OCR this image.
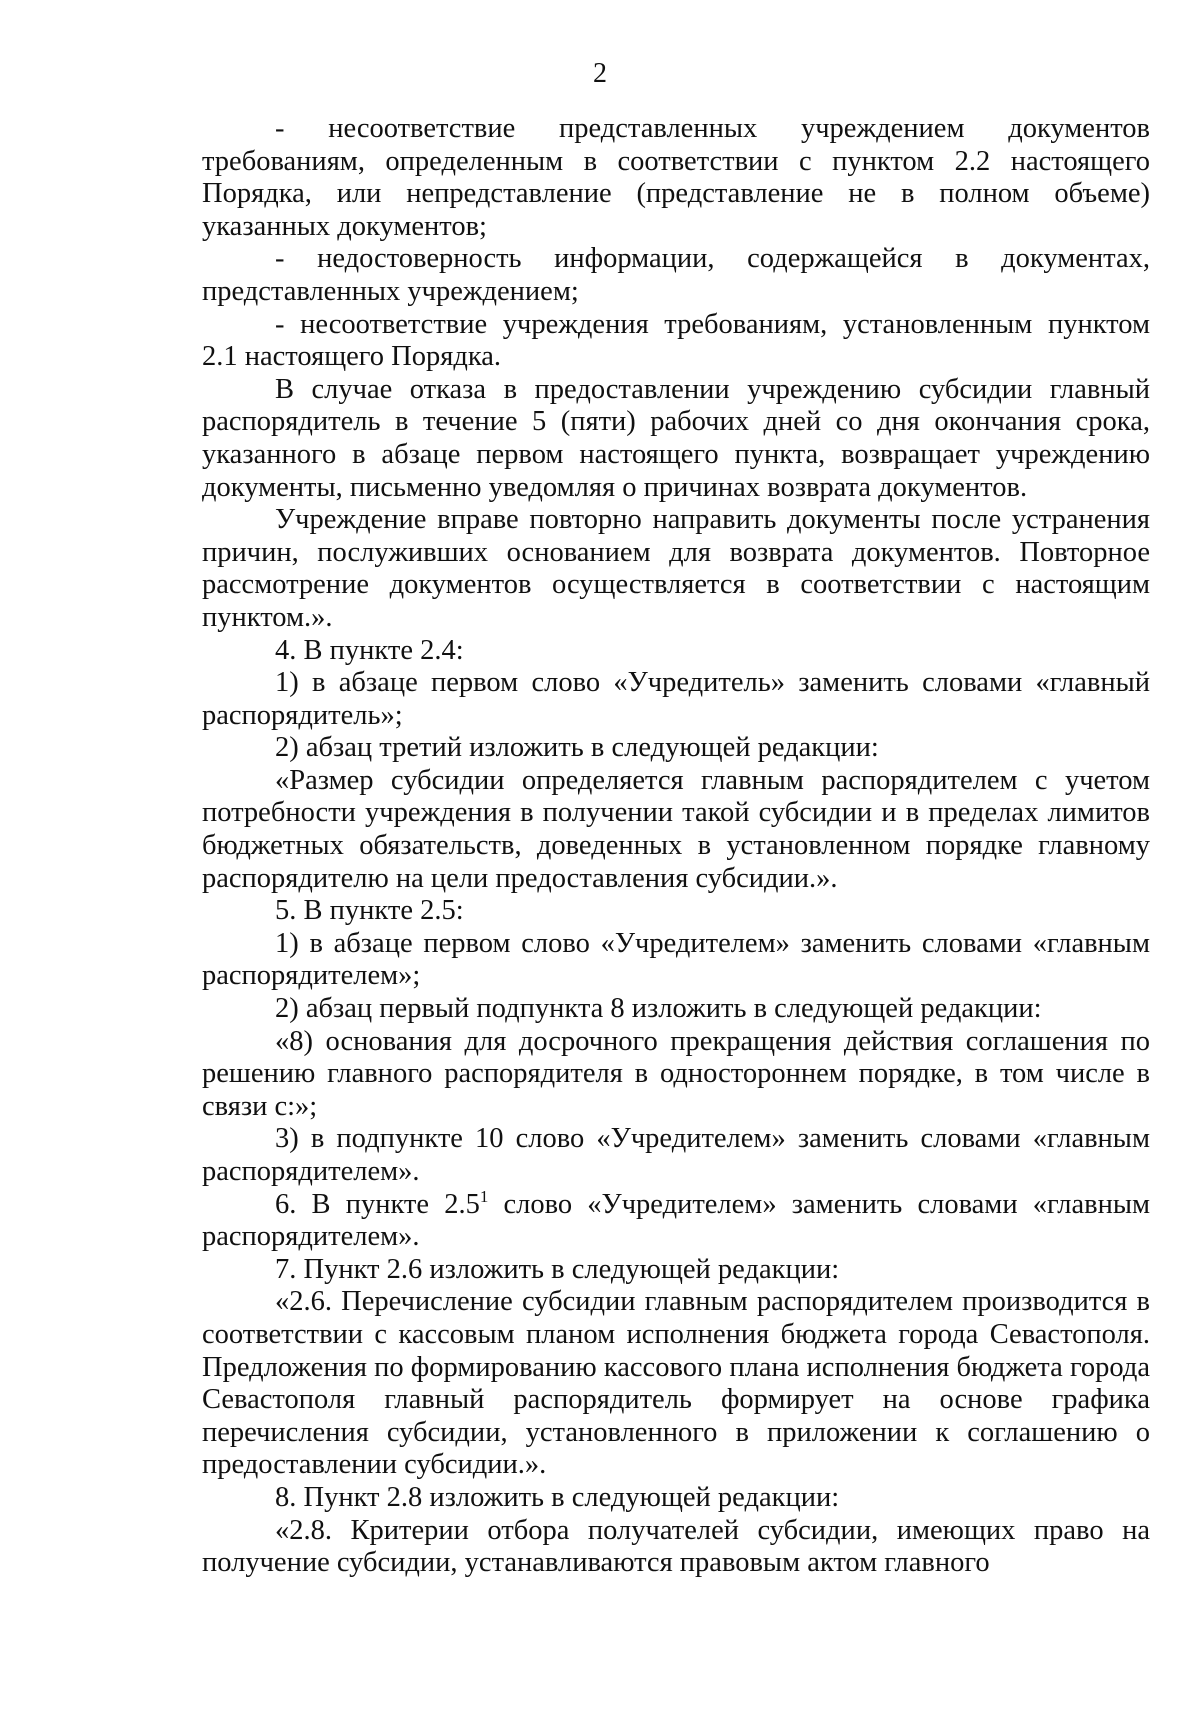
2

- несоответствие представленных учреждением документов требованиям, определенным в соответствии с пунктом 2.2 настоящего Порядка, или непредставление (представление не в полном объеме) указанных документов;

- недостоверность информации, содержащейся в документах, представленных учреждением;

- несоответствие учреждения требованиям, установленным пунктом 2.1 настоящего Порядка.

В случае отказа в предоставлении учреждению субсидии главный распорядитель в течение 5 (пяти) рабочих дней со дня окончания срока, указанного в абзаце первом настоящего пункта, возвращает учреждению документы, письменно уведомляя о причинах возврата документов.

Учреждение вправе повторно направить документы после устранения причин, послуживших основанием для возврата документов. Повторное рассмотрение документов осуществляется в соответствии с настоящим пунктом.».

4. В пункте 2.4:

1) в абзаце первом слово «Учредитель» заменить словами «главный распорядитель»;

2) абзац третий изложить в следующей редакции:

«Размер субсидии определяется главным распорядителем с учетом потребности учреждения в получении такой субсидии и в пределах лимитов бюджетных обязательств, доведенных в установленном порядке главному распорядителю на цели предоставления субсидии.».

5. В пункте 2.5:

1) в абзаце первом слово «Учредителем» заменить словами «главным распорядителем»;

2) абзац первый подпункта 8 изложить в следующей редакции:

«8) основания для досрочного прекращения действия соглашения по решению главного распорядителя в одностороннем порядке, в том числе в связи с:»;

3) в подпункте 10 слово «Учредителем» заменить словами «главным распорядителем».

6. В пункте $2.5^1$ слово «Учредителем» заменить словами «главным распорядителем».

7. Пункт 2.6 изложить в следующей редакции:

«2.6. Перечисление субсидии главным распорядителем производится в соответствии с кассовым планом исполнения бюджета города Севастополя. Предложения по формированию кассового плана исполнения бюджета города Севастополя главный распорядитель формирует на основе графика перечисления субсидии, установленного в приложении к соглашению о предоставлении субсидии.».

8. Пункт 2.8 изложить в следующей редакции:

«2.8. Критерии отбора получателей субсидии, имеющих право на получение субсидии, устанавливаются правовым актом главного
